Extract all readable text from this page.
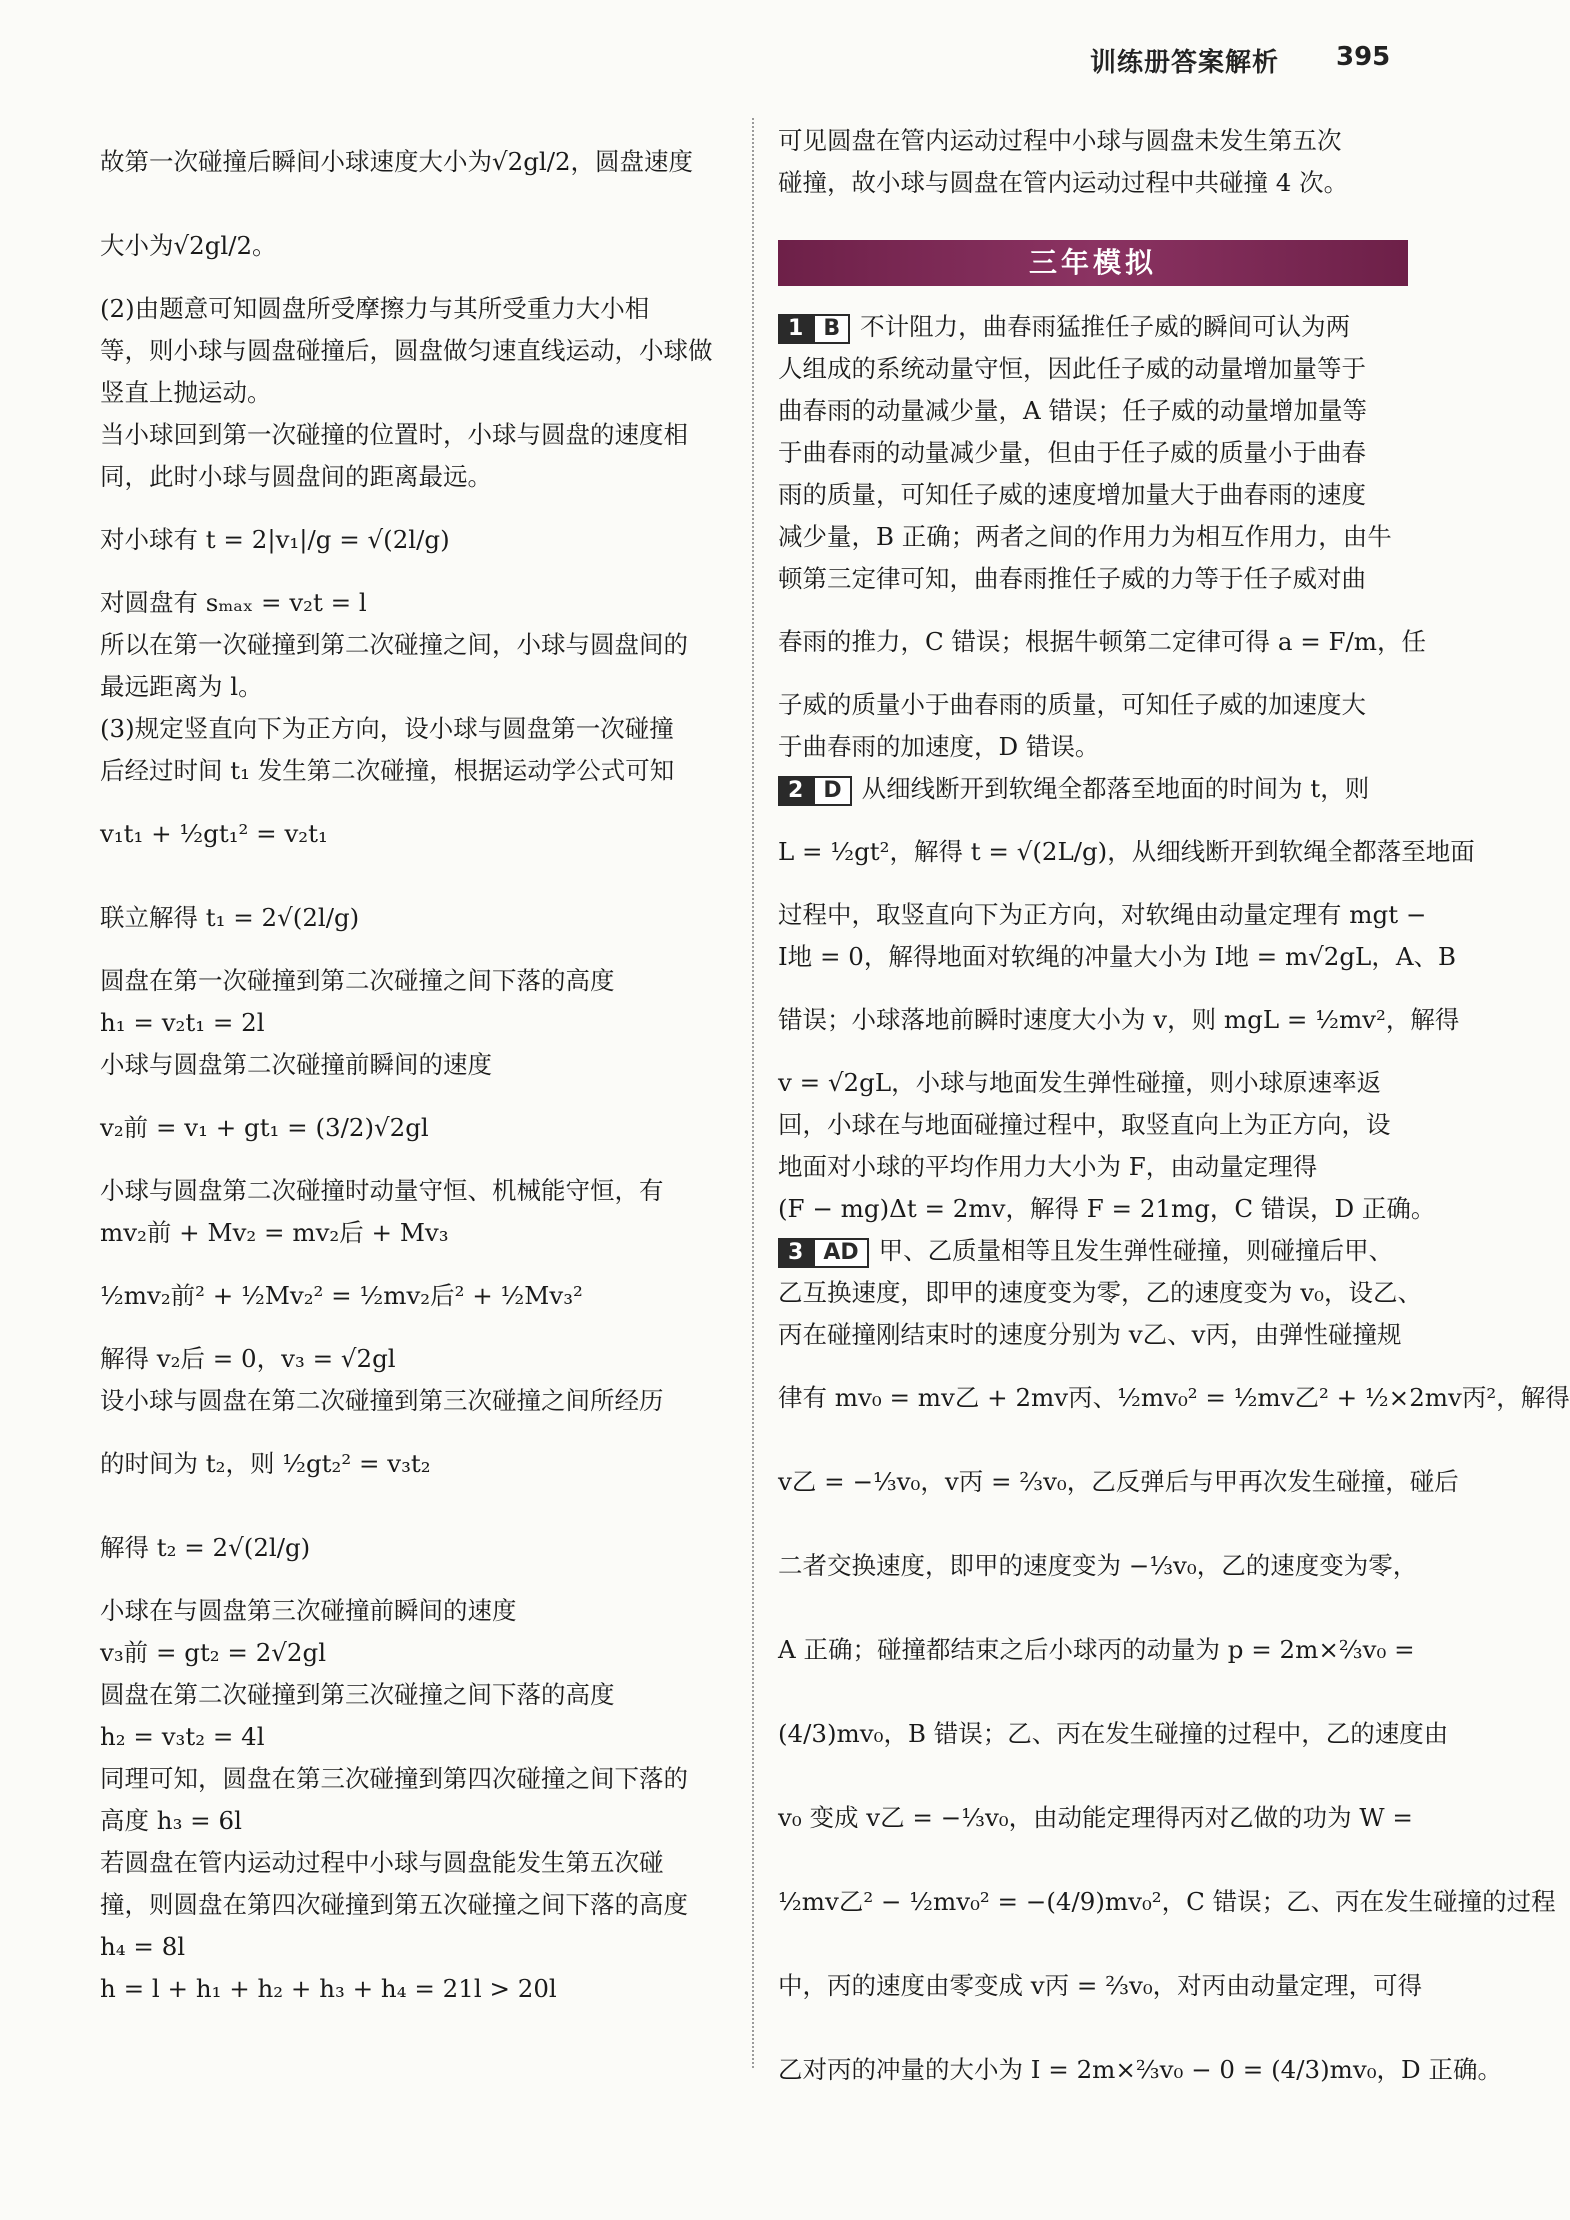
训练册答案解析 395
故第一次碰撞后瞬间小球速度大小为√2gl/2，圆盘速度
大小为√2gl/2。
(2)由题意可知圆盘所受摩擦力与其所受重力大小相
等，则小球与圆盘碰撞后，圆盘做匀速直线运动，小球做
竖直上抛运动。
当小球回到第一次碰撞的位置时，小球与圆盘的速度相
同，此时小球与圆盘间的距离最远。
对小球有 t = 2|v₁|/g = √(2l/g)
对圆盘有 sₘₐₓ = v₂t = l
所以在第一次碰撞到第二次碰撞之间，小球与圆盘间的
最远距离为 l。
(3)规定竖直向下为正方向，设小球与圆盘第一次碰撞
后经过时间 t₁ 发生第二次碰撞，根据运动学公式可知
v₁t₁ + ½gt₁² = v₂t₁
联立解得 t₁ = 2√(2l/g)
圆盘在第一次碰撞到第二次碰撞之间下落的高度
h₁ = v₂t₁ = 2l
小球与圆盘第二次碰撞前瞬间的速度
v₂前 = v₁ + gt₁ = (3/2)√2gl
小球与圆盘第二次碰撞时动量守恒、机械能守恒，有
mv₂前 + Mv₂ = mv₂后 + Mv₃
½mv₂前² + ½Mv₂² = ½mv₂后² + ½Mv₃²
解得 v₂后 = 0，v₃ = √2gl
设小球与圆盘在第二次碰撞到第三次碰撞之间所经历
的时间为 t₂，则 ½gt₂² = v₃t₂
解得 t₂ = 2√(2l/g)
小球在与圆盘第三次碰撞前瞬间的速度
v₃前 = gt₂ = 2√2gl
圆盘在第二次碰撞到第三次碰撞之间下落的高度
h₂ = v₃t₂ = 4l
同理可知，圆盘在第三次碰撞到第四次碰撞之间下落的
高度 h₃ = 6l
若圆盘在管内运动过程中小球与圆盘能发生第五次碰
撞，则圆盘在第四次碰撞到第五次碰撞之间下落的高度
h₄ = 8l
h = l + h₁ + h₂ + h₃ + h₄ = 21l > 20l
可见圆盘在管内运动过程中小球与圆盘未发生第五次
碰撞，故小球与圆盘在管内运动过程中共碰撞 4 次。
三年模拟
1 B 不计阻力，曲春雨猛推任子威的瞬间可认为两
人组成的系统动量守恒，因此任子威的动量增加量等于
曲春雨的动量减少量，A 错误；任子威的动量增加量等
于曲春雨的动量减少量，但由于任子威的质量小于曲春
雨的质量，可知任子威的速度增加量大于曲春雨的速度
减少量，B 正确；两者之间的作用力为相互作用力，由牛
顿第三定律可知，曲春雨推任子威的力等于任子威对曲
春雨的推力，C 错误；根据牛顿第二定律可得 a = F/m，任
子威的质量小于曲春雨的质量，可知任子威的加速度大
于曲春雨的加速度，D 错误。
2 D 从细线断开到软绳全都落至地面的时间为 t，则
L = ½gt²，解得 t = √(2L/g)，从细线断开到软绳全都落至地面
过程中，取竖直向下为正方向，对软绳由动量定理有 mgt −
I地 = 0，解得地面对软绳的冲量大小为 I地 = m√2gL，A、B
错误；小球落地前瞬时速度大小为 v，则 mgL = ½mv²，解得
v = √2gL，小球与地面发生弹性碰撞，则小球原速率返
回，小球在与地面碰撞过程中，取竖直向上为正方向，设
地面对小球的平均作用力大小为 F，由动量定理得
(F − mg)Δt = 2mv，解得 F = 21mg，C 错误，D 正确。
3 AD 甲、乙质量相等且发生弹性碰撞，则碰撞后甲、
乙互换速度，即甲的速度变为零，乙的速度变为 v₀，设乙、
丙在碰撞刚结束时的速度分别为 v乙、v丙，由弹性碰撞规
律有 mv₀ = mv乙 + 2mv丙、½mv₀² = ½mv乙² + ½×2mv丙²，解得
v乙 = −⅓v₀，v丙 = ⅔v₀，乙反弹后与甲再次发生碰撞，碰后
二者交换速度，即甲的速度变为 −⅓v₀，乙的速度变为零，
A 正确；碰撞都结束之后小球丙的动量为 p = 2m×⅔v₀ =
(4/3)mv₀，B 错误；乙、丙在发生碰撞的过程中，乙的速度由
v₀ 变成 v乙 = −⅓v₀，由动能定理得丙对乙做的功为 W =
½mv乙² − ½mv₀² = −(4/9)mv₀²，C 错误；乙、丙在发生碰撞的过程
中，丙的速度由零变成 v丙 = ⅔v₀，对丙由动量定理，可得
乙对丙的冲量的大小为 I = 2m×⅔v₀ − 0 = (4/3)mv₀，D 正确。
